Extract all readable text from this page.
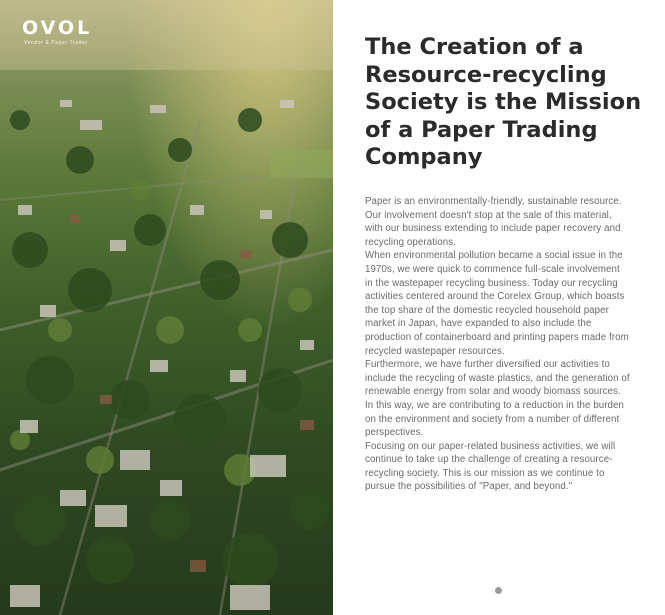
OVOL
Vendor & Paper Trader	The Creation of a Resource-recycling Society is the Mission of a Paper Trading Company

Paper is an environmentally-friendly, sustainable resource. Our involvement doesn't stop at the sale of this material, with our business extending to include paper recovery and recycling operations.

When environmental pollution became a social issue in the 1970s, we were quick to commence full-scale involvement in the wastepaper recycling business. Today our recycling activities centered around the Corelex Group, which boasts the top share of the domestic recycled household paper market in Japan, have expanded to also include the production of containerboard and printing papers made from recycled wastepaper resources.

Furthermore, we have further diversified our activities to include the recycling of waste plastics, and the generation of renewable energy from solar and woody biomass sources. In this way, we are contributing to a reduction in the burden on the environment and society from a number of different perspectives.

Focusing on our paper-related business activities, we will continue to take up the challenge of creating a resource-recycling society. This is our mission as we continue to pursue the possibilities of "Paper, and beyond."
